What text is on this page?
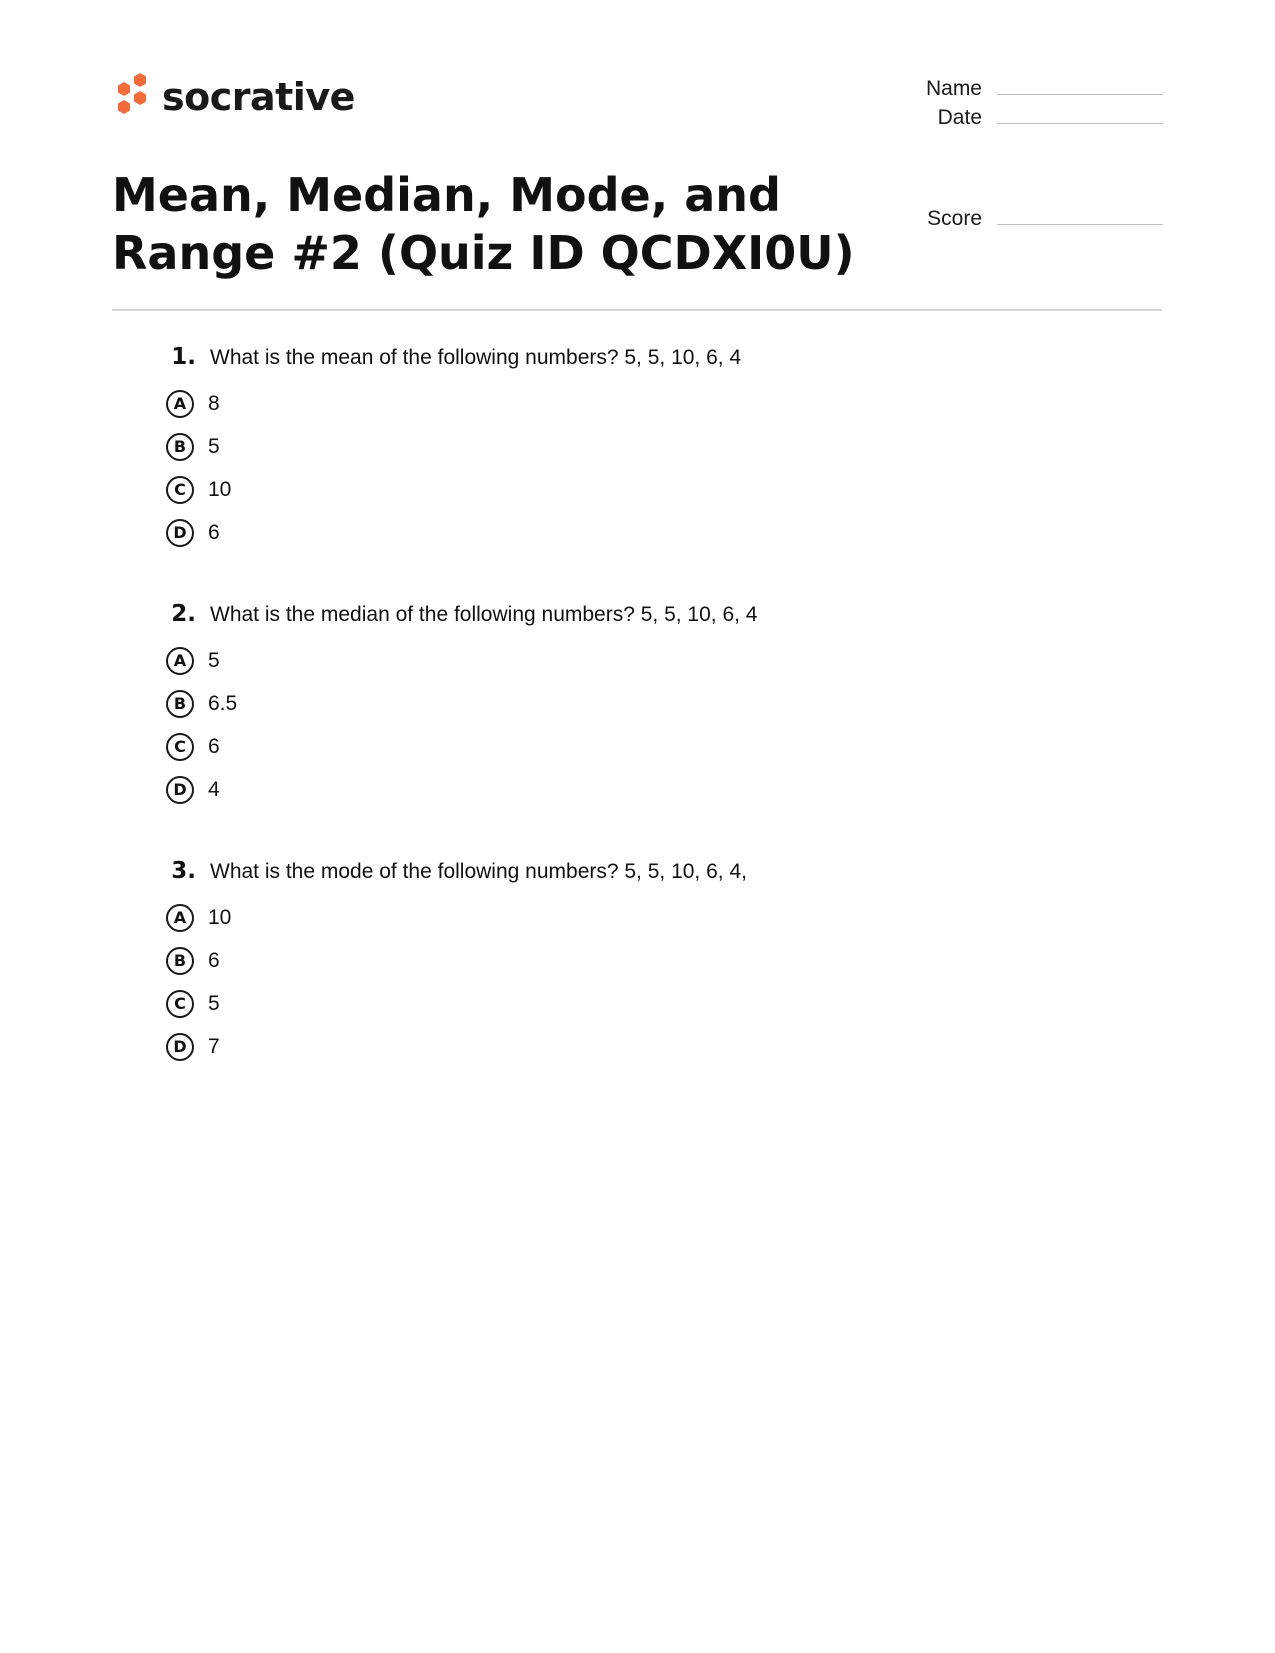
socrative	Name
Date
Score
Mean, Median, Mode, and Range #2 (Quiz ID QCDXI0U)
1. What is the mean of the following numbers? 5, 5, 10, 6, 4
A	8
B	5
C	10
D	6
2. What is the median of the following numbers? 5, 5, 10, 6, 4
A	5
B	6.5
C	6
D	4
3. What is the mode of the following numbers? 5, 5, 10, 6, 4,
A	10
B	6
C	5
D	7
